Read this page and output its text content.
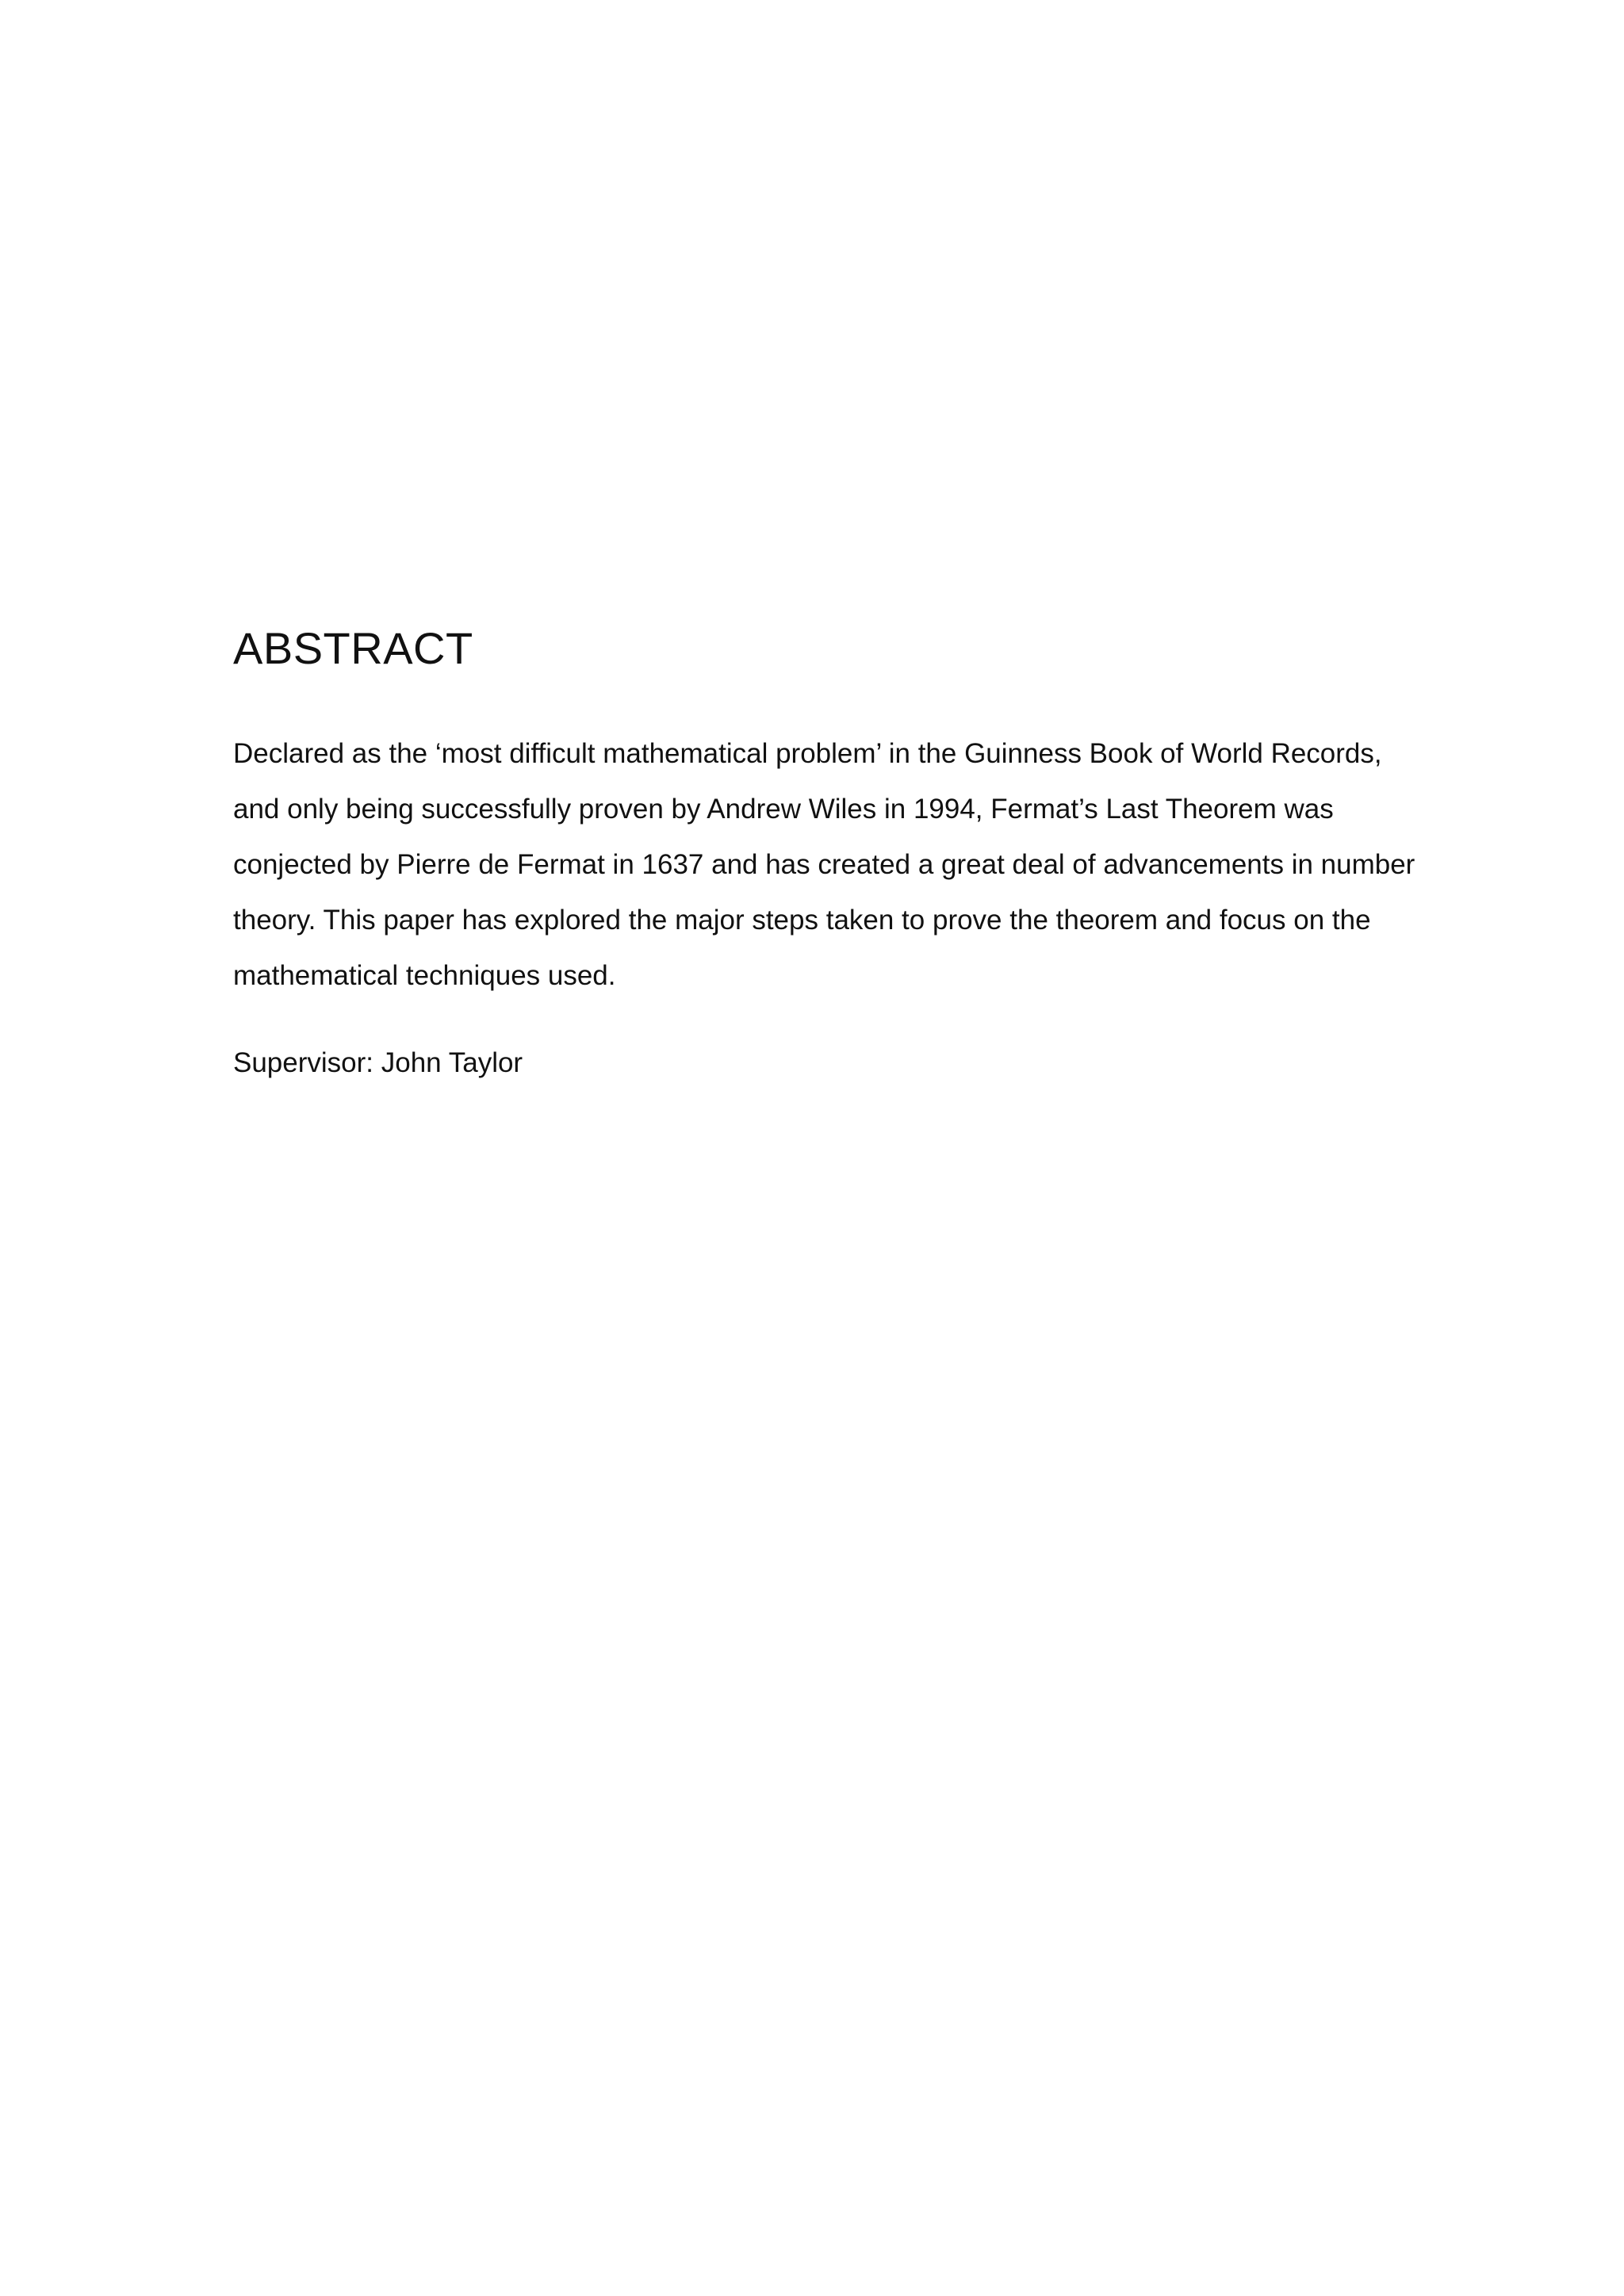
ABSTRACT

Declared as the ‘most difficult mathematical problem’ in the Guinness Book of World Records, and only being successfully proven by Andrew Wiles in 1994, Fermat’s Last Theorem was conjected by Pierre de Fermat in 1637 and has created a great deal of advancements in number theory. This paper has explored the major steps taken to prove the theorem and focus on the mathematical techniques used.

Supervisor: John Taylor
